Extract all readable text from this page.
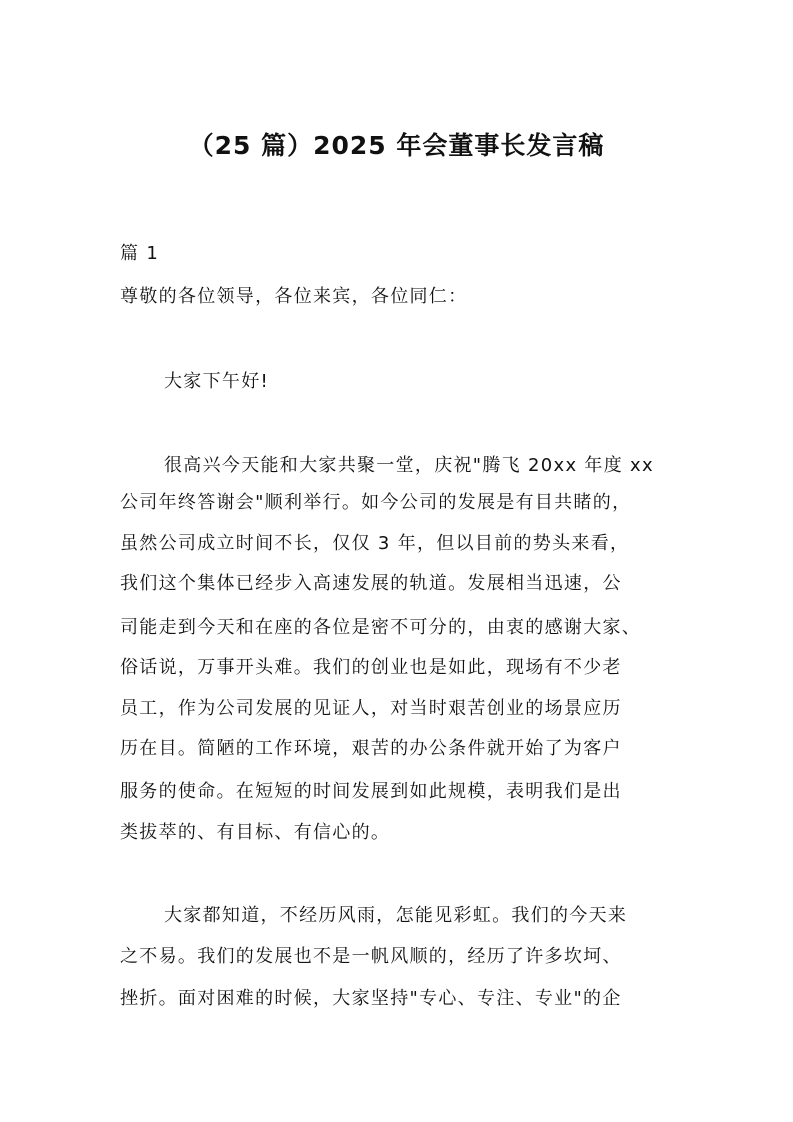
（25 篇）2025 年会董事长发言稿
篇 1
尊敬的各位领导，各位来宾，各位同仁：
大家下午好!
很高兴今天能和大家共聚一堂，庆祝"腾飞 20xx 年度 xx
公司年终答谢会"顺利举行。如今公司的发展是有目共睹的，
虽然公司成立时间不长，仅仅 3 年，但以目前的势头来看，
我们这个集体已经步入高速发展的轨道。发展相当迅速，公
司能走到今天和在座的各位是密不可分的，由衷的感谢大家、
俗话说，万事开头难。我们的创业也是如此，现场有不少老
员工，作为公司发展的见证人，对当时艰苦创业的场景应历
历在目。简陋的工作环境，艰苦的办公条件就开始了为客户
服务的使命。在短短的时间发展到如此规模，表明我们是出
类拔萃的、有目标、有信心的。
大家都知道，不经历风雨，怎能见彩虹。我们的今天来
之不易。我们的发展也不是一帆风顺的，经历了许多坎坷、
挫折。面对困难的时候，大家坚持"专心、专注、专业"的企
